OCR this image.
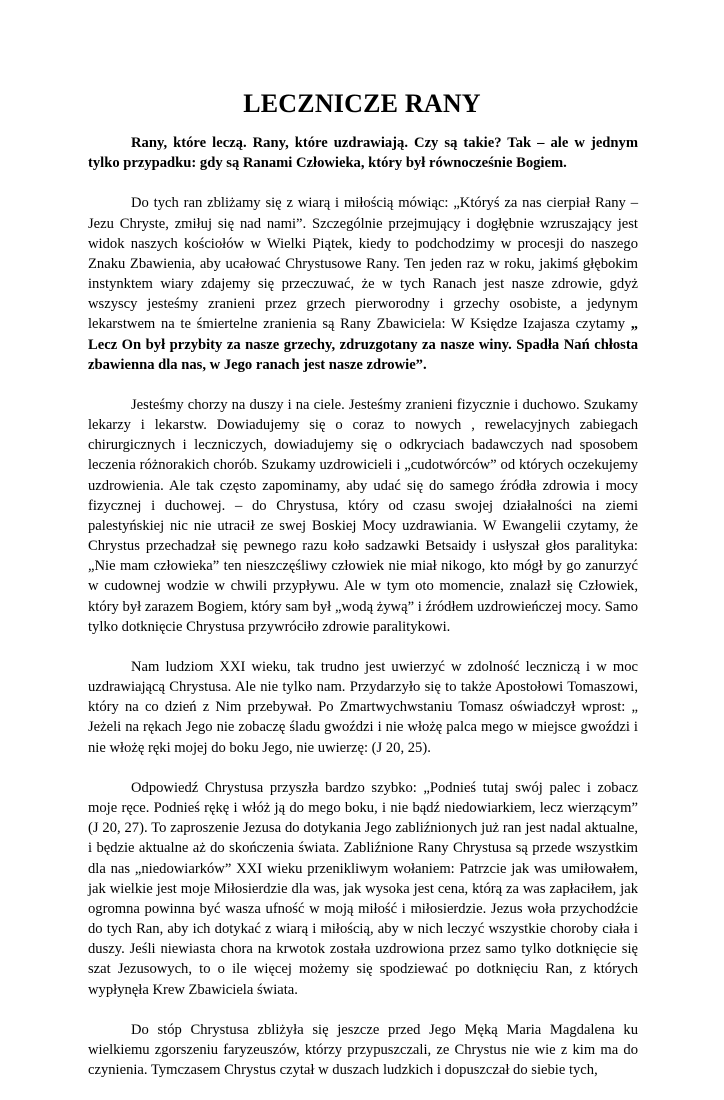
LECZNICZE RANY

Rany, które leczą. Rany, które uzdrawiają. Czy są takie? Tak – ale w jednym tylko przypadku: gdy są Ranami Człowieka, który był równocześnie Bogiem.

Do tych ran zbliżamy się z wiarą i miłością mówiąc: „Któryś za nas cierpiał Rany – Jezu Chryste, zmiłuj się nad nami”. Szczególnie przejmujący i dogłębnie wzruszający jest widok naszych kościołów w Wielki Piątek, kiedy to podchodzimy w procesji do naszego Znaku Zbawienia, aby ucałować Chrystusowe Rany. Ten jeden raz w roku, jakimś głębokim instynktem wiary zdajemy się przeczuwać, że w tych Ranach jest nasze zdrowie, gdyż wszyscy jesteśmy zranieni przez grzech pierworodny i grzechy osobiste, a jedynym lekarstwem na te śmiertelne zranienia są Rany Zbawiciela: W Księdze Izajasza czytamy „ Lecz On był przybity za nasze grzechy, zdruzgotany za nasze winy. Spadła Nań chłosta zbawienna dla nas, w Jego ranach jest nasze zdrowie”.

Jesteśmy chorzy na duszy i na ciele. Jesteśmy zranieni fizycznie i duchowo. Szukamy lekarzy i lekarstw. Dowiadujemy się o coraz to nowych , rewelacyjnych zabiegach chirurgicznych i leczniczych, dowiadujemy się o odkryciach badawczych nad sposobem leczenia różnorakich chorób. Szukamy uzdrowicieli i „cudotwórców” od których oczekujemy uzdrowienia. Ale tak często zapominamy, aby udać się do samego źródła zdrowia i mocy fizycznej i duchowej. – do Chrystusa, który od czasu swojej działalności na ziemi palestyńskiej nic nie utracił ze swej Boskiej Mocy uzdrawiania. W Ewangelii czytamy, że Chrystus przechadzał się pewnego razu koło sadzawki Betsaidy i usłyszał głos paralityka: „Nie mam człowieka” ten nieszczęśliwy człowiek nie miał nikogo, kto mógł by go zanurzyć w cudownej wodzie w chwili przypływu. Ale w tym oto momencie, znalazł się Człowiek, który był zarazem Bogiem, który sam był „wodą żywą” i źródłem uzdrowieńczej mocy. Samo tylko dotknięcie Chrystusa przywróciło zdrowie paralitykowi.

Nam ludziom XXI wieku, tak trudno jest uwierzyć w zdolność leczniczą i w moc uzdrawiającą Chrystusa. Ale nie tylko nam. Przydarzyło się to także Apostołowi Tomaszowi, który na co dzień z Nim przebywał. Po Zmartwychwstaniu Tomasz oświadczył wprost: „ Jeżeli na rękach Jego nie zobaczę śladu gwoździ i nie włożę palca mego w miejsce gwoździ i nie włożę ręki mojej do boku Jego, nie uwierzę: (J 20, 25).

Odpowiedź Chrystusa przyszła bardzo szybko: „Podnieś tutaj swój palec i zobacz moje ręce. Podnieś rękę i włóż ją do mego boku, i nie bądź niedowiarkiem, lecz wierzącym” (J 20, 27). To zaproszenie Jezusa do dotykania Jego zabliźnionych już ran jest nadal aktualne, i będzie aktualne aż do skończenia świata. Zabliźnione Rany Chrystusa są przede wszystkim dla nas „niedowiarków” XXI wieku przenikliwym wołaniem: Patrzcie jak was umiłowałem, jak wielkie jest moje Miłosierdzie dla was, jak wysoka jest cena, którą za was zapłaciłem, jak ogromna powinna być wasza ufność w moją miłość i miłosierdzie. Jezus woła przychodźcie do tych Ran, aby ich dotykać z wiarą i miłością, aby w nich leczyć wszystkie choroby ciała i duszy. Jeśli niewiasta chora na krwotok została uzdrowiona przez samo tylko dotknięcie się szat Jezusowych, to o ile więcej możemy się spodziewać po dotknięciu Ran, z których wypłynęła Krew Zbawiciela świata.

Do stóp Chrystusa zbliżyła się jeszcze przed Jego Męką Maria Magdalena ku wielkiemu zgorszeniu faryzeuszów, którzy przypuszczali, ze Chrystus nie wie z kim ma do czynienia. Tymczasem Chrystus czytał w duszach ludzkich i dopuszczał do siebie tych,
